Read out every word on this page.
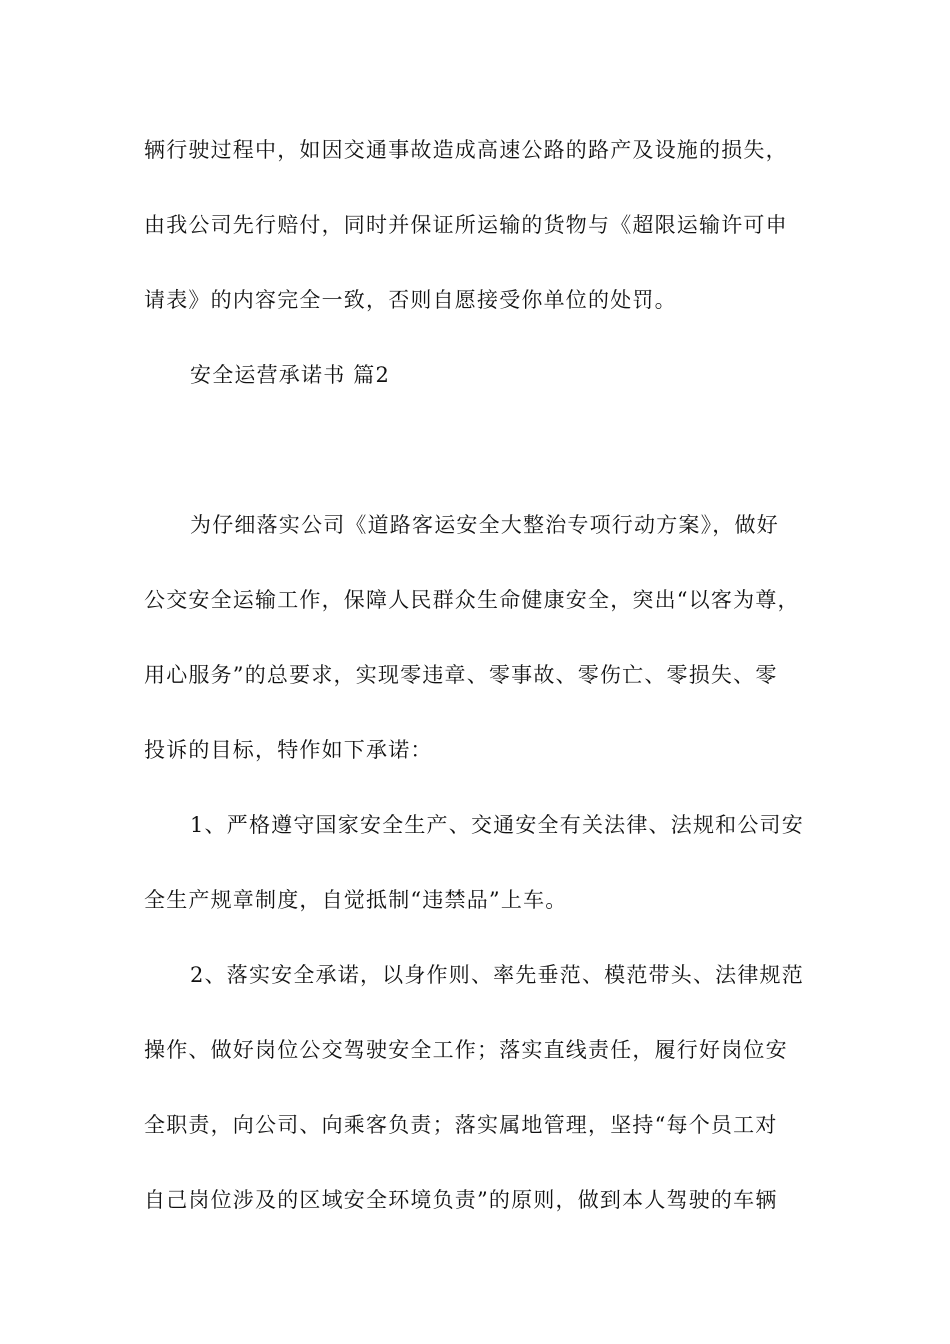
辆行驶过程中，如因交通事故造成高速公路的路产及设施的损失，
由我公司先行赔付，同时并保证所运输的货物与《超限运输许可申
请表》的内容完全一致，否则自愿接受你单位的处罚。
安全运营承诺书 篇2
为仔细落实公司《道路客运安全大整治专项行动方案》，做好
公交安全运输工作，保障人民群众生命健康安全，突出“以客为尊，
用心服务”的总要求，实现零违章、零事故、零伤亡、零损失、零
投诉的目标，特作如下承诺：
1、严格遵守国家安全生产、交通安全有关法律、法规和公司安
全生产规章制度，自觉抵制“违禁品”上车。
2、落实安全承诺，以身作则、率先垂范、模范带头、法律规范
操作、做好岗位公交驾驶安全工作；落实直线责任，履行好岗位安
全职责，向公司、向乘客负责；落实属地管理，坚持“每个员工对
自己岗位涉及的区域安全环境负责”的原则，做到本人驾驶的车辆
